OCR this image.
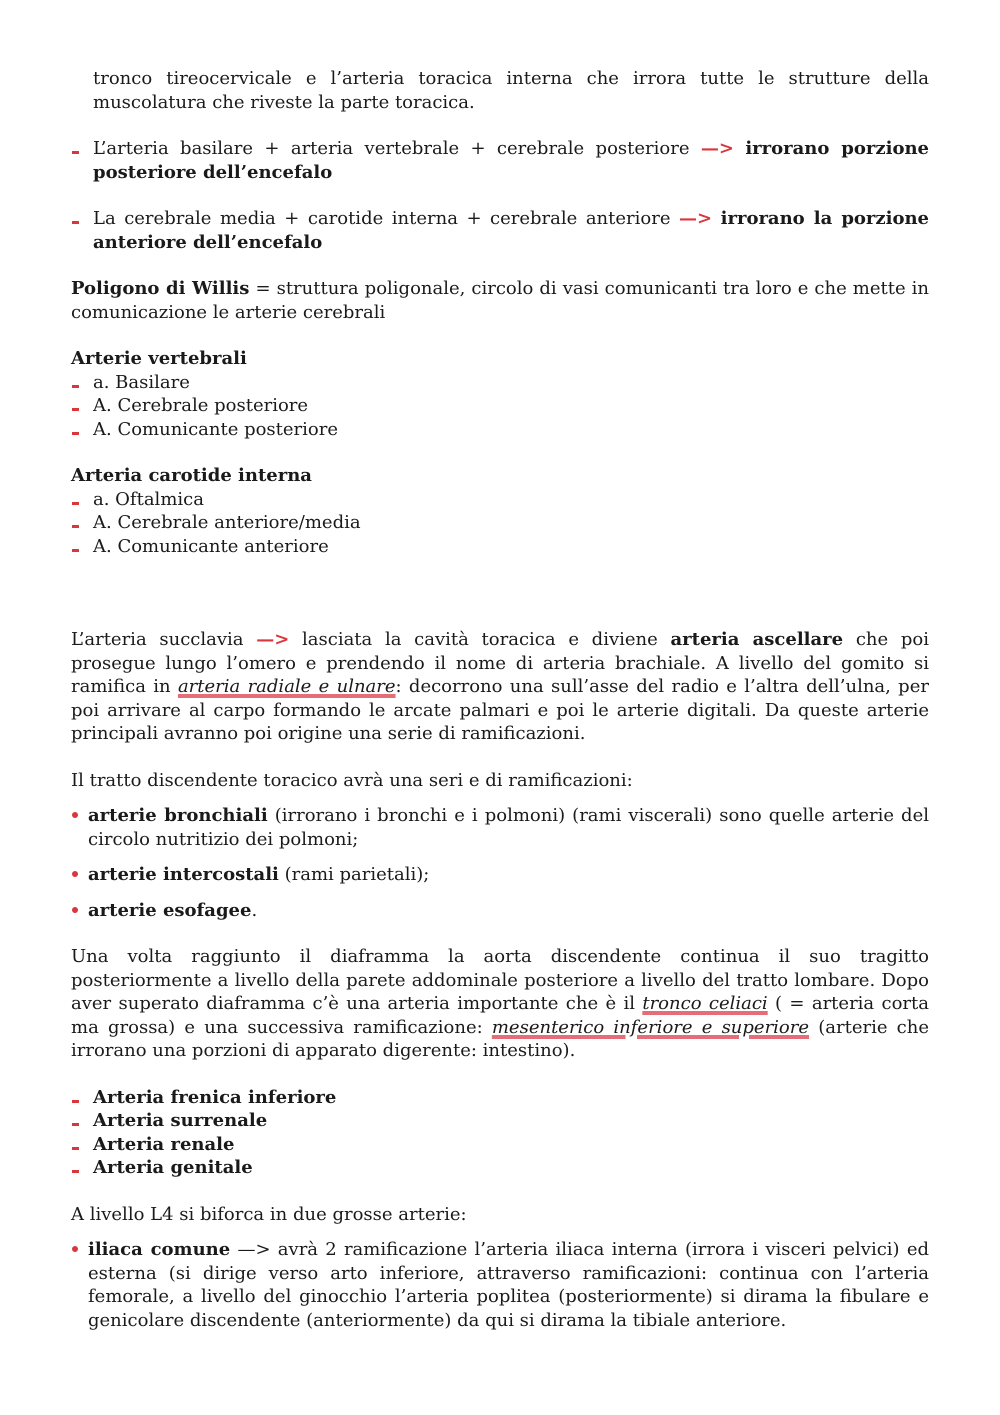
tronco tireocervicale e l’arteria toracica interna che irrora tutte le strutture della muscolatura che riveste la parte toracica.

L’arteria basilare + arteria vertebrale + cerebrale posteriore —> irrorano porzione posteriore dell’encefalo
La cerebrale media + carotide interna + cerebrale anteriore —> irrorano la porzione anteriore dell’encefalo

Poligono di Willis = struttura poligonale, circolo di vasi comunicanti tra loro e che mette in comunicazione le arterie cerebrali

Arterie vertebrali
a. Basilare
A. Cerebrale posteriore
A. Comunicante posteriore
Arteria carotide interna
a. Oftalmica
A. Cerebrale anteriore/media
A. Comunicante anteriore

L’arteria succlavia —> lasciata la cavità toracica e diviene arteria ascellare che poi prosegue lungo l’omero e prendendo il nome di arteria brachiale. A livello del gomito si ramifica in arteria radiale e ulnare: decorrono una sull’asse del radio e l’altra dell’ulna, per poi arrivare al carpo formando le arcate palmari e poi le arterie digitali. Da queste arterie principali avranno poi origine una serie di ramificazioni.

Il tratto discendente toracico avrà una seri e di ramificazioni:

arterie bronchiali (irrorano i bronchi e i polmoni) (rami viscerali) sono quelle arterie del circolo nutritizio dei polmoni;
arterie intercostali (rami parietali);
arterie esofagee.

Una volta raggiunto il diaframma la aorta discendente continua il suo tragitto posteriormente a livello della parete addominale posteriore a livello del tratto lombare. Dopo aver superato diaframma c’è una arteria importante che è il tronco celiaci ( = arteria corta ma grossa) e una successiva ramificazione: mesenterico inferiore e superiore (arterie che irrorano una porzioni di apparato digerente: intestino).

Arteria frenica inferiore
Arteria surrenale
Arteria renale
Arteria genitale

A livello L4 si biforca in due grosse arterie:

iliaca comune —> avrà 2 ramificazione l’arteria iliaca interna (irrora i visceri pelvici) ed esterna (si dirige verso arto inferiore, attraverso ramificazioni: continua con l’arteria femorale, a livello del ginocchio l’arteria poplitea (posteriormente) si dirama la fibulare e genicolare discendente (anteriormente) da qui si dirama la tibiale anteriore.
